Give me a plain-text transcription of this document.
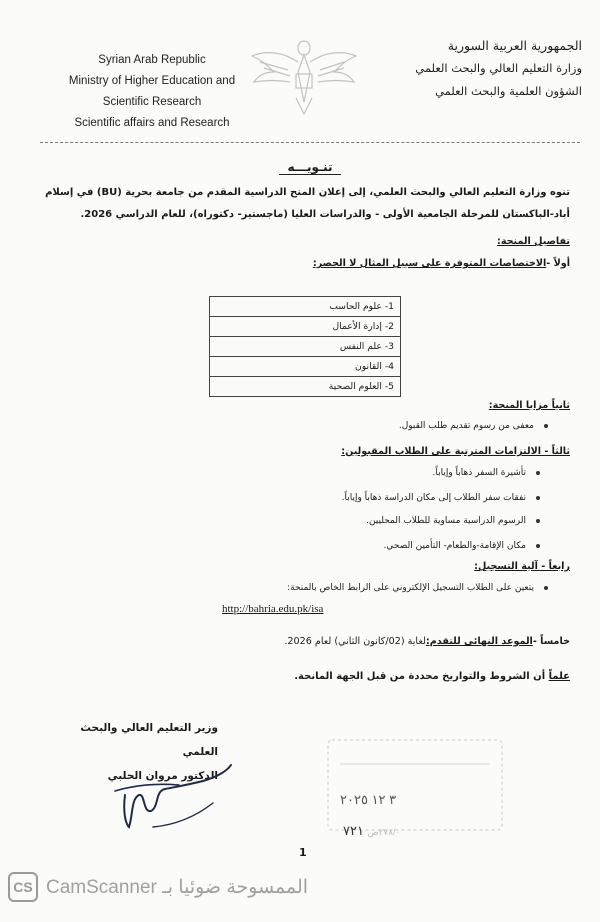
Syrian Arab Republic
Ministry of Higher Education and
Scientific Research
Scientific affairs and Research
الجمهورية العربية السورية
وزارة التعليم العالي والبحث العلمي
الشؤون العلمية والبحث العلمي
تنـويـــه
تنوه وزارة التعليم العالي والبحث العلمي، إلى إعلان المنح الدراسية المقدم من جامعة بحرية (BU) في إسلام أباد-الباكستان للمرحلة الجامعية الأولى - والدراسات العليا (ماجستير- دكتوراه)، للعام الدراسي 2026.
تفاصيل المنحة:
أولاً -الاختصاصات المتوفرة على سبيل المثال لا الحصر:
1- علوم الحاسب
2- إدارة الأعمال
3- علم النفس
4- القانون
5- العلوم الصحية
ثانياً مزايا المنحة:
معفى من رسوم تقديم طلب القبول.
ثالثاً - الالتزامات المترتبة على الطلاب المقبولين:
تأشيرة السفر ذهاباً وإياباً.
نفقات سفر الطلاب إلى مكان الدراسة ذهاباً وإياباً.
الرسوم الدراسية مساوية للطلاب المحليين.
مكان الإقامة-والطعام- التأمين الصحي.
رابعاً - آلية التسجيل:
يتعين على الطلاب التسجيل الإلكتروني على الرابط الخاص بالمنحة:
http://bahria.edu.pk/isa
خامساً -الموعد النهائي للتقدم:لغاية (02/كانون الثاني) لعام 2026.
علماً أن الشروط والتواريخ محددة من قبل الجهة المانحة.
وزير التعليم العالي والبحث العلمي
الدكتور مروان الحلبي
٣ ١٢ ٢٠٢٥
٢٧٨/٠ص ٧٢١
1
CS CamScanner الممسوحة ضوئيا بـ
